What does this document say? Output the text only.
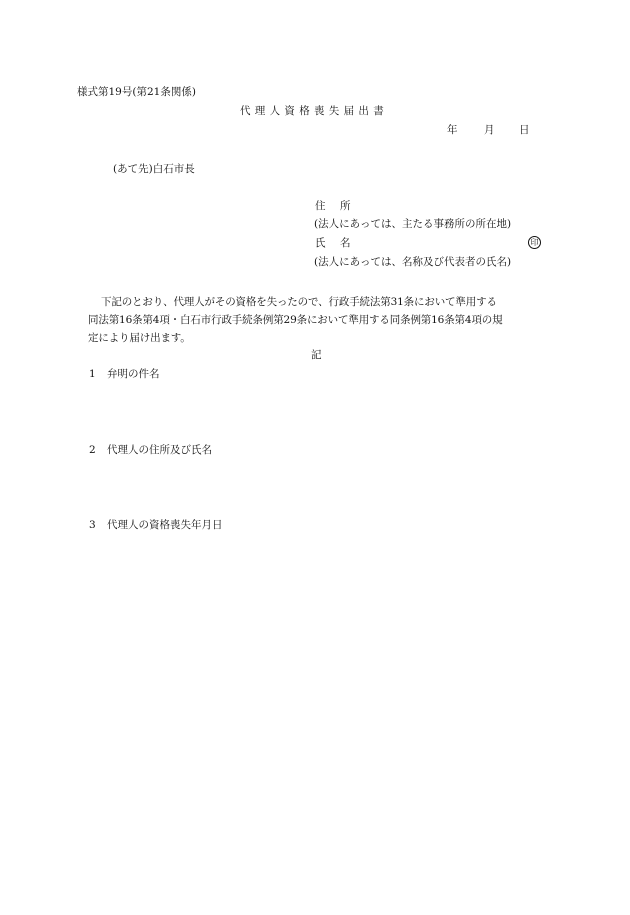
様式第19号(第21条関係)
代理人資格喪失届出書
年	月 日
(あて先)白石市長
住　所
(法人にあっては、主たる事務所の所在地)
氏　名	印
(法人にあっては、名称及び代表者の氏名)
下記のとおり、代理人がその資格を失ったので、行政手続法第31条において準用する
同法第16条第4項・白石市行政手続条例第29条において準用する同条例第16条第4項の規
定により届け出ます。
記
1 弁明の件名
2 代理人の住所及び氏名
3 代理人の資格喪失年月日
